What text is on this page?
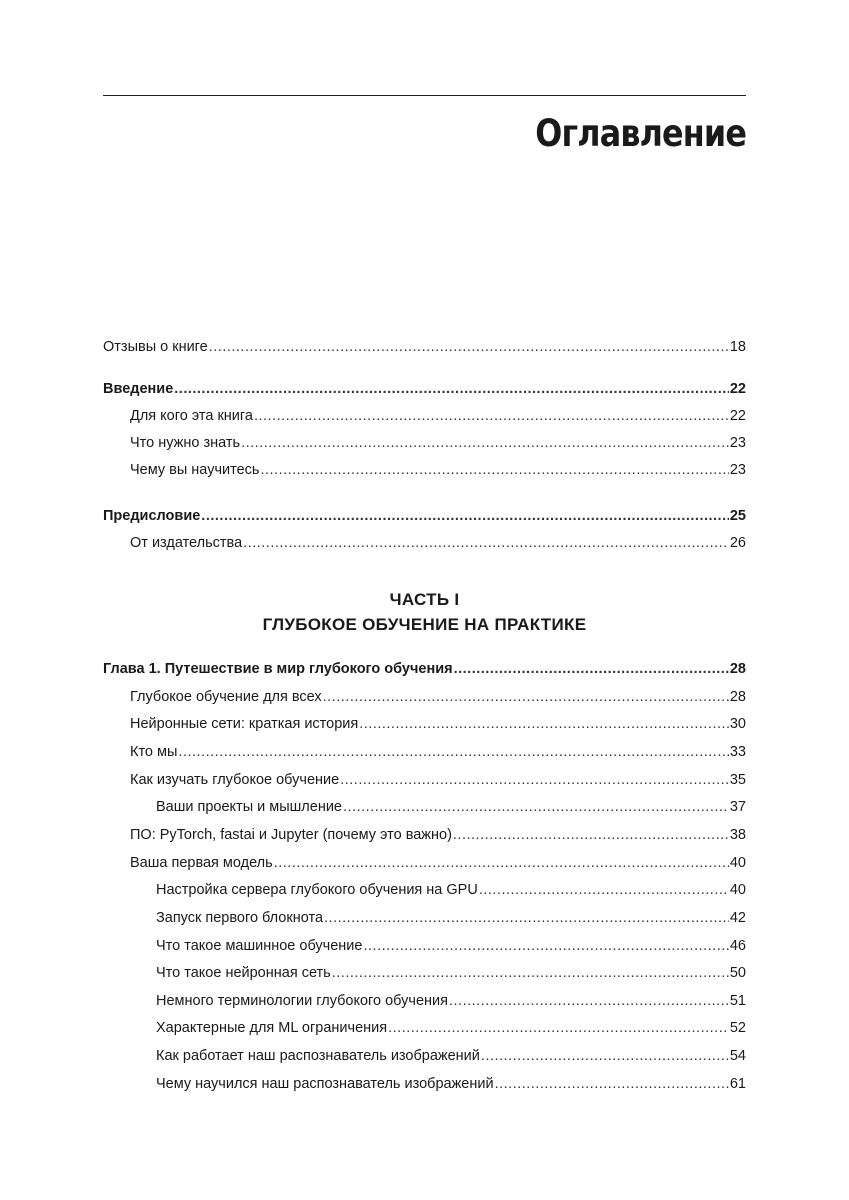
Оглавление
Отзывы о книге .....	18
Введение .....	22
Для кого эта книга .....	22
Что нужно знать .....	23
Чему вы научитесь .....	23
Предисловие .....	25
От издательства .....	26
ЧАСТЬ I
ГЛУБОКОЕ ОБУЧЕНИЕ НА ПРАКТИКЕ
Глава 1. Путешествие в мир глубокого обучения .....	28
Глубокое обучение для всех .....	28
Нейронные сети: краткая история .....	30
Кто мы .....	33
Как изучать глубокое обучение .....	35
Ваши проекты и мышление .....	37
ПО: PyTorch, fastai и Jupyter (почему это важно) .....	38
Ваша первая модель .....	40
Настройка сервера глубокого обучения на GPU .....	40
Запуск первого блокнота .....	42
Что такое машинное обучение .....	46
Что такое нейронная сеть .....	50
Немного терминологии глубокого обучения .....	51
Характерные для ML ограничения .....	52
Как работает наш распознаватель изображений .....	54
Чему научился наш распознаватель изображений .....	61
